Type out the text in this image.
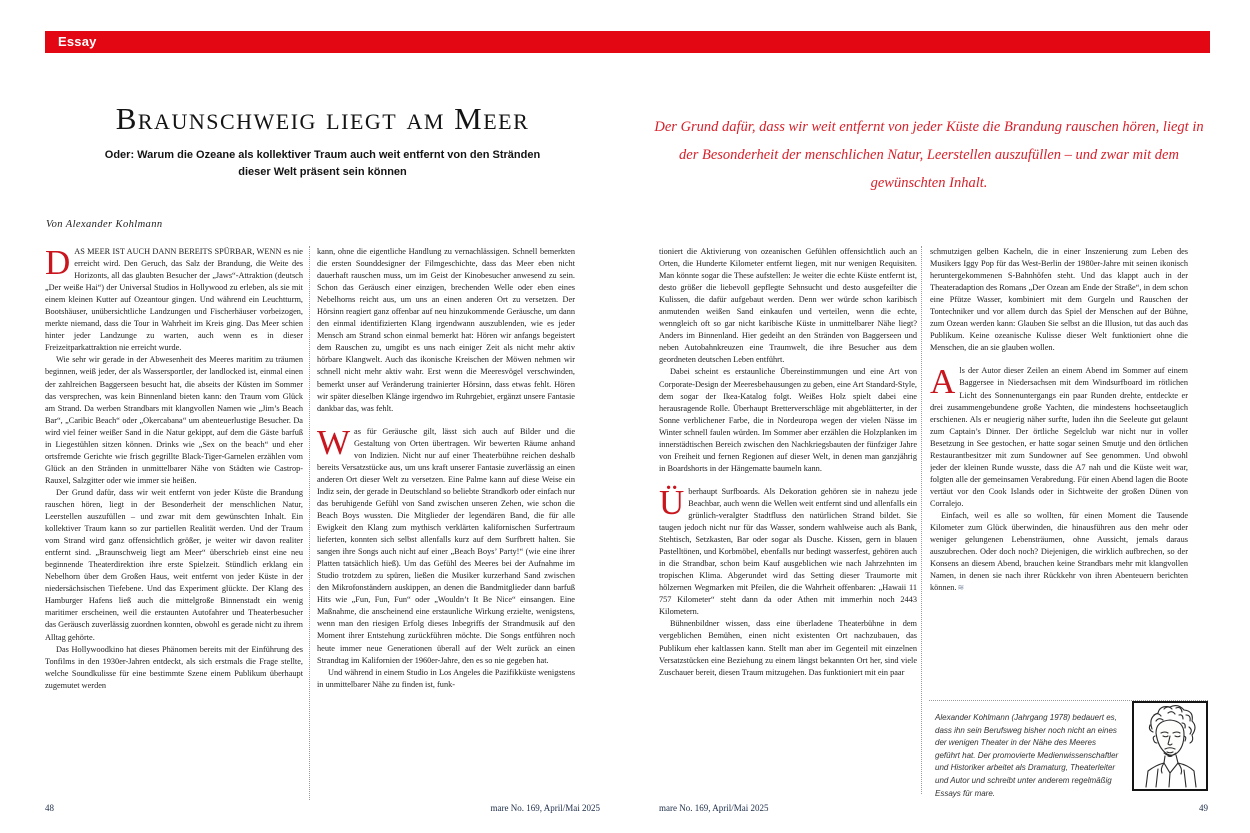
Essay
Braunschweig liegt am Meer
Oder: Warum die Ozeane als kollektiver Traum auch weit entfernt von den Stränden
dieser Welt präsent sein können
Von Alexander Kohlmann
Der Grund dafür, dass wir weit entfernt von jeder Küste die Brandung rauschen hören, liegt in der Besonderheit der menschlichen Natur, Leerstellen auszufüllen – und zwar mit dem gewünschten Inhalt.

DAS MEER IST AUCH DANN BEREITS SPÜRBAR, WENN es nie erreicht wird. Den Geruch, das Salz der Brandung, die Weite des Horizonts, all das glaubten Besucher der „Jaws“-Attraktion (deutsch „Der weiße Hai“) der Universal Studios in Hollywood zu erleben, als sie mit einem kleinen Kutter auf Ozeantour gingen. Und während ein Leuchtturm, Bootshäuser, unübersichtliche Landzungen und Fischerhäuser vorbeizogen, merkte niemand, dass die Tour in Wahrheit im Kreis ging. Das Meer schien hinter jeder Landzunge zu warten, auch wenn es in dieser Freizeitparkattraktion nie erreicht wurde.

Wie sehr wir gerade in der Abwesenheit des Meeres maritim zu träumen beginnen, weiß jeder, der als Wassersportler, der landlocked ist, einmal einen der zahlreichen Baggerseen besucht hat, die abseits der Küsten im Sommer das versprechen, was kein Binnenland bieten kann: den Traum vom Glück am Strand. Da werben Strandbars mit klangvollen Namen wie „Jim’s Beach Bar“, „Caribic Beach“ oder „Okercabana“ um abenteuerlustige Besucher. Da wird viel feiner weißer Sand in die Natur gekippt, auf dem die Gäste barfuß in Liegestühlen sitzen können. Drinks wie „Sex on the beach“ und eher ortsfremde Gerichte wie frisch gegrillte Black-Tiger-Garnelen erzählen vom Glück an den Stränden in unmittelbarer Nähe von Städten wie Castrop-Rauxel, Salzgitter oder wie immer sie heißen.

Der Grund dafür, dass wir weit entfernt von jeder Küste die Brandung rauschen hören, liegt in der Besonderheit der menschlichen Natur, Leerstellen auszufüllen – und zwar mit dem gewünschten Inhalt. Ein kollektiver Traum kann so zur partiellen Realität werden. Und der Traum vom Strand wird ganz offensichtlich größer, je weiter wir davon realiter entfernt sind. „Braunschweig liegt am Meer“ überschrieb einst eine neu beginnende Theaterdirektion ihre erste Spielzeit. Stündlich erklang ein Nebelhorn über dem Großen Haus, weit entfernt von jeder Küste in der niedersächsischen Tiefebene. Und das Experiment glückte. Der Klang des Hamburger Hafens ließ auch die mittelgroße Binnenstadt ein wenig maritimer erscheinen, weil die erstaunten Autofahrer und Theaterbesucher das Geräusch zuverlässig zuordnen konnten, obwohl es gerade nicht zu ihrem Alltag gehörte.

Das Hollywoodkino hat dieses Phänomen bereits mit der Einführung des Tonfilms in den 1930er-Jahren entdeckt, als sich erstmals die Frage stellte, welche Soundkulisse für eine bestimmte Szene einem Publikum überhaupt zugemutet werden

kann, ohne die eigentliche Handlung zu vernachlässigen. Schnell bemerkten die ersten Sounddesigner der Filmgeschichte, dass das Meer eben nicht dauerhaft rauschen muss, um im Geist der Kinobesucher anwesend zu sein. Schon das Geräusch einer einzigen, brechenden Welle oder eben eines Nebelhorns reicht aus, um uns an einen anderen Ort zu versetzen. Der Hörsinn reagiert ganz offenbar auf neu hinzukommende Geräusche, um dann den einmal identifizierten Klang irgendwann auszublenden, wie es jeder Mensch am Strand schon einmal bemerkt hat: Hören wir anfangs begeistert dem Rauschen zu, umgibt es uns nach einiger Zeit als nicht mehr aktiv hörbare Klangwelt. Auch das ikonische Kreischen der Möwen nehmen wir schnell nicht mehr aktiv wahr. Erst wenn die Meeresvögel verschwinden, bemerkt unser auf Veränderung trainierter Hörsinn, dass etwas fehlt. Hören wir später dieselben Klänge irgendwo im Ruhrgebiet, ergänzt unsere Fantasie dankbar das, was fehlt.

Was für Geräusche gilt, lässt sich auch auf Bilder und die Gestaltung von Orten übertragen. Wir bewerten Räume anhand von Indizien. Nicht nur auf einer Theaterbühne reichen deshalb bereits Versatzstücke aus, um uns kraft unserer Fantasie zuverlässig an einen anderen Ort dieser Welt zu versetzen. Eine Palme kann auf diese Weise ein Indiz sein, der gerade in Deutschland so beliebte Strandkorb oder einfach nur das beruhigende Gefühl von Sand zwischen unseren Zehen, wie schon die Beach Boys wussten. Die Mitglieder der legendären Band, die für alle Ewigkeit den Klang zum mythisch verklärten kalifornischen Surfertraum lieferten, konnten sich selbst allenfalls kurz auf dem Surfbrett halten. Sie sangen ihre Songs auch nicht auf einer „Beach Boys’ Party!“ (wie eine ihrer Platten tatsächlich hieß). Um das Gefühl des Meeres bei der Aufnahme im Studio trotzdem zu spüren, ließen die Musiker kurzerhand Sand zwischen den Mikrofonständern auskippen, an denen die Bandmitglieder dann barfuß Hits wie „Fun, Fun, Fun“ oder „Wouldn’t It Be Nice“ einsangen. Eine Maßnahme, die anscheinend eine erstaunliche Wirkung erzielte, wenigstens, wenn man den riesigen Erfolg dieses Inbegriffs der Strandmusik auf den Moment ihrer Entstehung zurückführen möchte. Die Songs entführen noch heute immer neue Generationen überall auf der Welt zurück an einen Strandtag im Kalifornien der 1960er-Jahre, den es so nie gegeben hat.

Und während in einem Studio in Los Angeles die Pazifikküste wenigstens in unmittelbarer Nähe zu finden ist, funk-

tioniert die Aktivierung von ozeanischen Gefühlen offensichtlich auch an Orten, die Hunderte Kilometer entfernt liegen, mit nur wenigen Requisiten. Man könnte sogar die These aufstellen: Je weiter die echte Küste entfernt ist, desto größer die liebevoll gepflegte Sehnsucht und desto ausgefeilter die Kulissen, die dafür aufgebaut werden. Denn wer würde schon karibisch anmutenden weißen Sand einkaufen und verteilen, wenn die echte, wenngleich oft so gar nicht karibische Küste in unmittelbarer Nähe liegt? Anders im Binnenland. Hier gedeiht an den Stränden von Baggerseen und neben Autobahnkreuzen eine Traumwelt, die ihre Besucher aus dem geordneten deutschen Leben entführt.

Dabei scheint es erstaunliche Übereinstimmungen und eine Art von Corporate-Design der Meeresbehausungen zu geben, eine Art Standard-Style, dem sogar der Ikea-Katalog folgt. Weißes Holz spielt dabei eine herausragende Rolle. Überhaupt Bretterverschläge mit abgeblätterter, in der Sonne verblichener Farbe, die in Nordeuropa wegen der vielen Nässe im Winter schnell faulen würden. Im Sommer aber erzählen die Holzplanken im innerstädtischen Bereich zwischen den Nachkriegsbauten der fünfziger Jahre von Freiheit und fernen Regionen auf dieser Welt, in denen man ganzjährig in Boardshorts in der Hängematte baumeln kann.

Überhaupt Surfboards. Als Dekoration gehören sie in nahezu jede Beachbar, auch wenn die Wellen weit entfernt sind und allenfalls ein grünlich-veralgter Stadtfluss den natürlichen Strand bildet. Sie taugen jedoch nicht nur für das Wasser, sondern wahlweise auch als Bank, Stehtisch, Setzkasten, Bar oder sogar als Dusche. Kissen, gern in blauen Pastelltönen, und Korbmöbel, ebenfalls nur bedingt wasserfest, gehören auch in die Strandbar, schon beim Kauf ausgeblichen wie nach Jahrzehnten im tropischen Klima. Abgerundet wird das Setting dieser Traumorte mit hölzernen Wegmarken mit Pfeilen, die die Wahrheit offenbaren: „Hawaii 11 757 Kilometer“ steht dann da oder Athen mit immerhin noch 2443 Kilometern.

Bühnenbildner wissen, dass eine überladene Theaterbühne in dem vergeblichen Bemühen, einen nicht existenten Ort nachzubauen, das Publikum eher kaltlassen kann. Stellt man aber im Gegenteil mit einzelnen Versatzstücken eine Beziehung zu einem längst bekannten Ort her, sind viele Zuschauer bereit, diesen Traum mitzugehen. Das funktioniert mit ein paar

schmutzigen gelben Kacheln, die in einer Inszenierung zum Leben des Musikers Iggy Pop für das West-Berlin der 1980er-Jahre mit seinen ikonisch heruntergekommenen S-Bahnhöfen steht. Und das klappt auch in der Theateradaption des Romans „Der Ozean am Ende der Straße“, in dem schon eine Pfütze Wasser, kombiniert mit dem Gurgeln und Rauschen der Tontechniker und vor allem durch das Spiel der Menschen auf der Bühne, zum Ozean werden kann: Glauben Sie selbst an die Illusion, tut das auch das Publikum. Keine ozeanische Kulisse dieser Welt funktioniert ohne die Menschen, die an sie glauben wollen.

Als der Autor dieser Zeilen an einem Abend im Sommer auf einem Baggersee in Niedersachsen mit dem Windsurfboard im rötlichen Licht des Sonnenuntergangs ein paar Runden drehte, entdeckte er drei zusammengebundene große Yachten, die mindestens hochseetauglich erschienen. Als er neugierig näher surfte, luden ihn die Seeleute gut gelaunt zum Captain’s Dinner. Der örtliche Segelclub war nicht nur in voller Besetzung in See gestochen, er hatte sogar seinen Smutje und den örtlichen Restaurantbesitzer mit zum Sundowner auf See genommen. Und obwohl jeder der kleinen Runde wusste, dass die A7 nah und die Küste weit war, folgten alle der gemeinsamen Verabredung. Für einen Abend lagen die Boote vertäut vor den Cook Islands oder in Sichtweite der großen Dünen von Corralejo.

Einfach, weil es alle so wollten, für einen Moment die Tausende Kilometer zum Glück überwinden, die hinausführen aus den mehr oder weniger gelungenen Lebensträumen, ohne Aussicht, jemals daraus auszubrechen. Oder doch noch? Diejenigen, die wirklich aufbrechen, so der Konsens an diesem Abend, brauchen keine Strandbars mehr mit klangvollen Namen, in denen sie nach ihrer Rückkehr von ihren Abenteuern berichten können. ≋

Alexander Kohlmann (Jahrgang 1978) bedauert es, dass ihn sein Berufsweg bisher noch nicht an eines der wenigen Theater in der Nähe des Meeres geführt hat. Der promovierte Medienwissenschaftler und Historiker arbeitet als Dramaturg, Theaterleiter und Autor und schreibt unter anderem regelmäßig Essays für mare.
48	mare No. 169, April/Mai 2025	mare No. 169, April/Mai 2025	49
